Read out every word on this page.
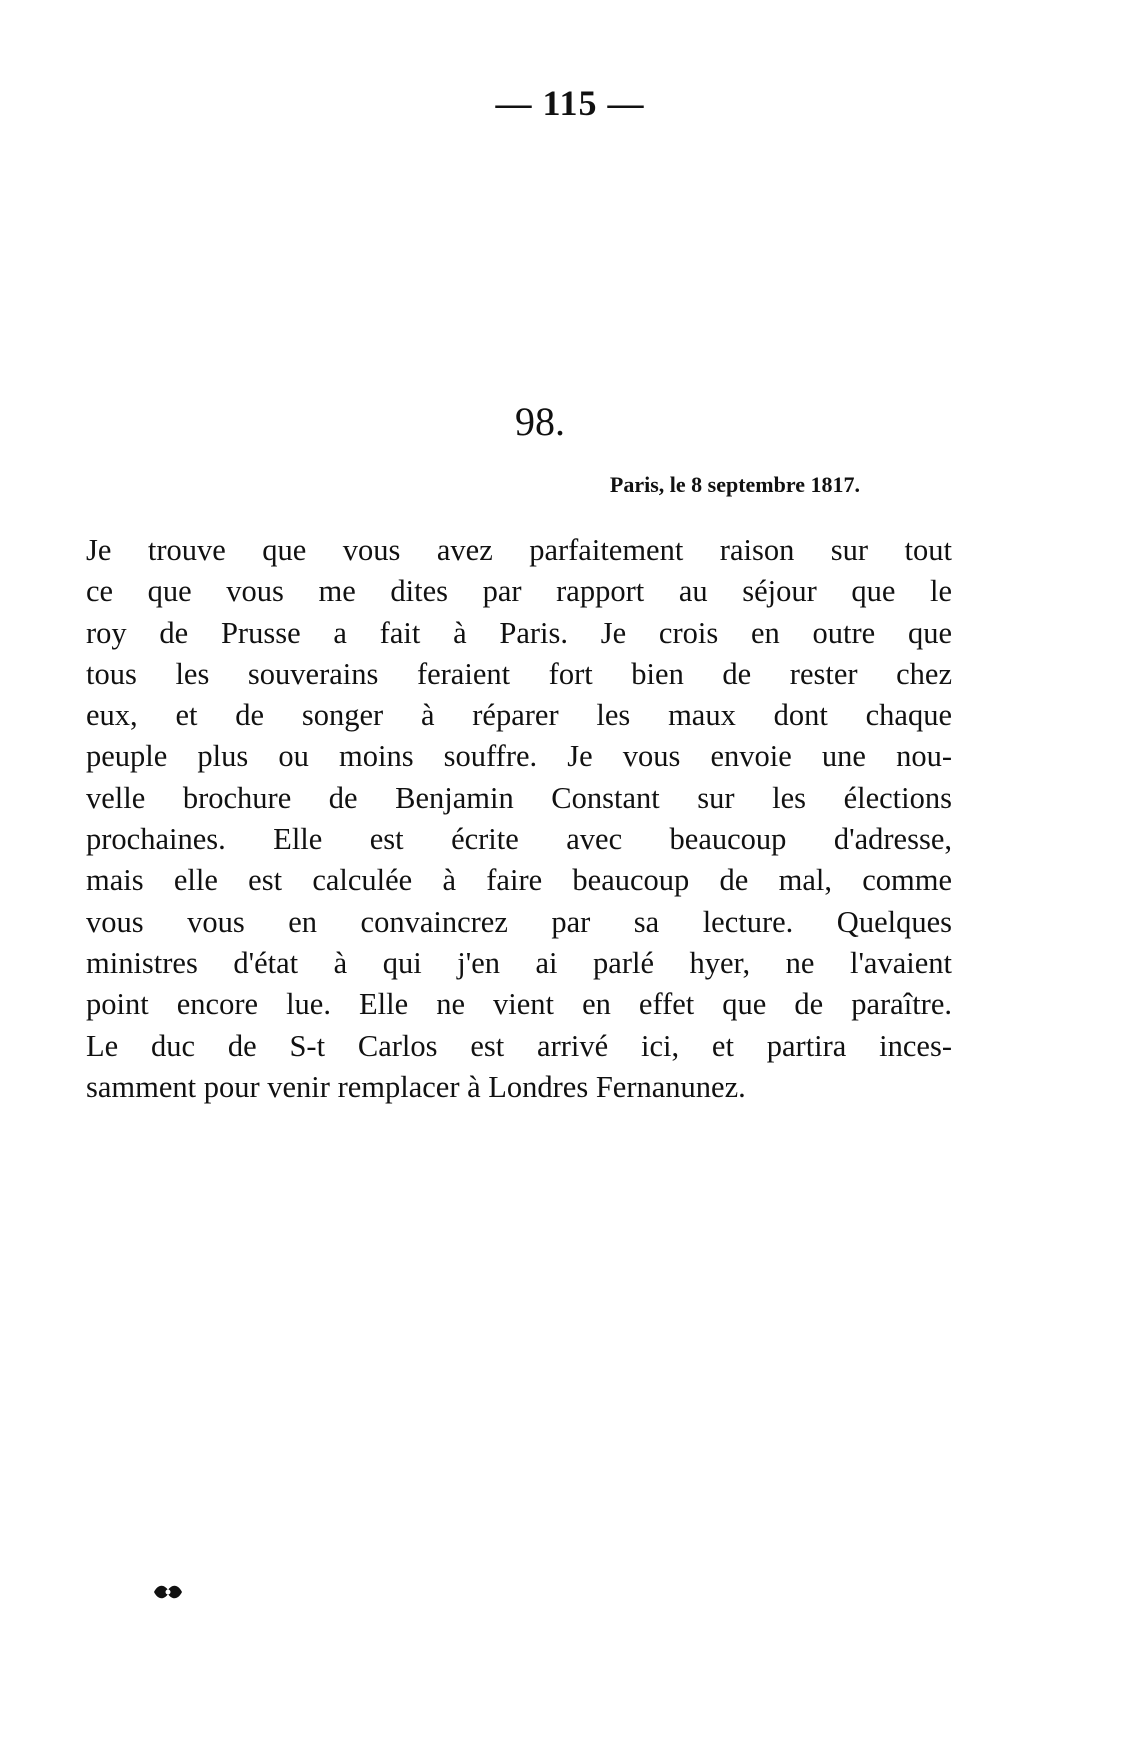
— 115 —
98.
Paris, le 8 septembre 1817.
Je trouve que vous avez parfaitement raison sur tout
ce que vous me dites par rapport au séjour que le
roy de Prusse a fait à Paris. Je crois en outre que
tous les souverains feraient fort bien de rester chez
eux, et de songer à réparer les maux dont chaque
peuple plus ou moins souffre. Je vous envoie une nou-
velle brochure de Benjamin Constant sur les élections
prochaines. Elle est écrite avec beaucoup d'adresse,
mais elle est calculée à faire beaucoup de mal, comme
vous vous en convaincrez par sa lecture. Quelques
ministres d'état à qui j'en ai parlé hyer, ne l'avaient
point encore lue. Elle ne vient en effet que de paraître.
Le duc de S-t Carlos est arrivé ici, et partira inces-
samment pour venir remplacer à Londres Fernanunez.
